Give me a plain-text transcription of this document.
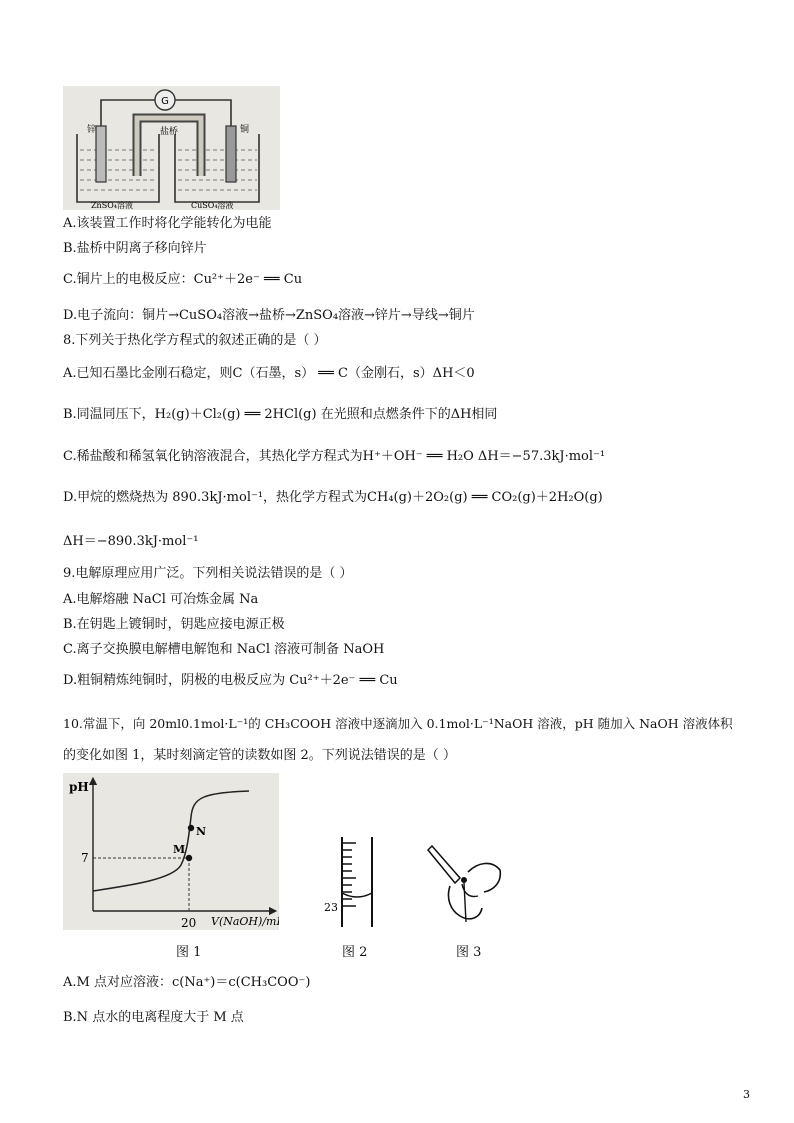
G
盐桥
锌	铜
ZnSO₄溶液	CuSO₄溶液
A.该装置工作时将化学能转化为电能
B.盐桥中阴离子移向锌片
C.铜片上的电极反应：Cu²⁺＋2e⁻ ══ Cu
D.电子流向：铜片→CuSO₄溶液→盐桥→ZnSO₄溶液→锌片→导线→铜片
8.下列关于热化学方程式的叙述正确的是（ ）
A.已知石墨比金刚石稳定，则C（石墨，s） ══ C（金刚石，s）ΔH＜0
B.同温同压下，H₂(g)＋Cl₂(g) ══ 2HCl(g) 在光照和点燃条件下的ΔH相同
C.稀盐酸和稀氢氧化钠溶液混合，其热化学方程式为H⁺＋OH⁻ ══ H₂O ΔH＝−57.3kJ·mol⁻¹
D.甲烷的燃烧热为 890.3kJ·mol⁻¹，热化学方程式为CH₄(g)＋2O₂(g) ══ CO₂(g)＋2H₂O(g)
ΔH＝−890.3kJ·mol⁻¹
9.电解原理应用广泛。下列相关说法错误的是（ ）
A.电解熔融 NaCl 可冶炼金属 Na
B.在钥匙上镀铜时，钥匙应接电源正极
C.离子交换膜电解槽电解饱和 NaCl 溶液可制备 NaOH
D.粗铜精炼纯铜时，阴极的电极反应为 Cu²⁺＋2e⁻ ══ Cu
10.常温下，向 20ml0.1mol·L⁻¹的 CH₃COOH 溶液中逐滴加入 0.1mol·L⁻¹NaOH 溶液，pH 随加入 NaOH 溶液体积
的变化如图 1，某时刻滴定管的读数如图 2。下列说法错误的是（ ）
pH
V(NaOH)/mL
7
20
M
N
图 1
23
图 2	图 3
A.M 点对应溶液：c(Na⁺)＝c(CH₃COO⁻)
B.N 点水的电离程度大于 M 点
3
